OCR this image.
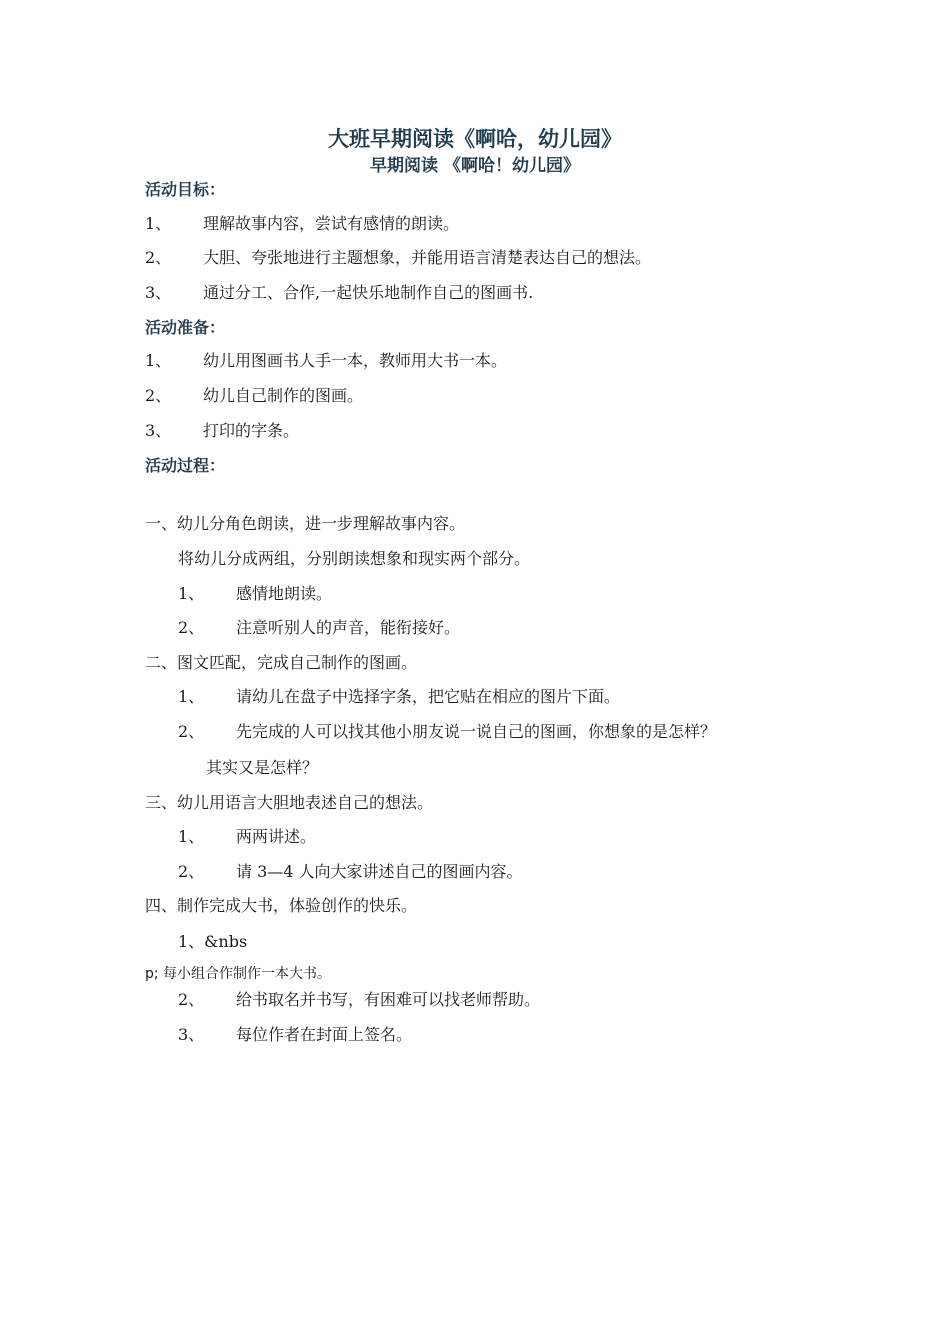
大班早期阅读《啊哈，幼儿园》
早期阅读 《啊哈！幼儿园》
活动目标：
1、 理解故事内容，尝试有感情的朗读。
2、 大胆、夸张地进行主题想象，并能用语言清楚表达自己的想法。
3、 通过分工、合作,一起快乐地制作自己的图画书.
活动准备：
1、 幼儿用图画书人手一本，教师用大书一本。
2、 幼儿自己制作的图画。
3、 打印的字条。
活动过程：
一、幼儿分角色朗读，进一步理解故事内容。
将幼儿分成两组，分别朗读想象和现实两个部分。
1、 感情地朗读。
2、 注意听别人的声音，能衔接好。
二、图文匹配，完成自己制作的图画。
1、 请幼儿在盘子中选择字条，把它贴在相应的图片下面。
2、 先完成的人可以找其他小朋友说一说自己的图画，你想象的是怎样？
其实又是怎样？
三、幼儿用语言大胆地表述自己的想法。
1、 两两讲述。
2、 请 3—4 人向大家讲述自己的图画内容。
四、制作完成大书，体验创作的快乐。
1、&nbs
p; 每小组合作制作一本大书。
2、 给书取名并书写，有困难可以找老师帮助。
3、 每位作者在封面上签名。
